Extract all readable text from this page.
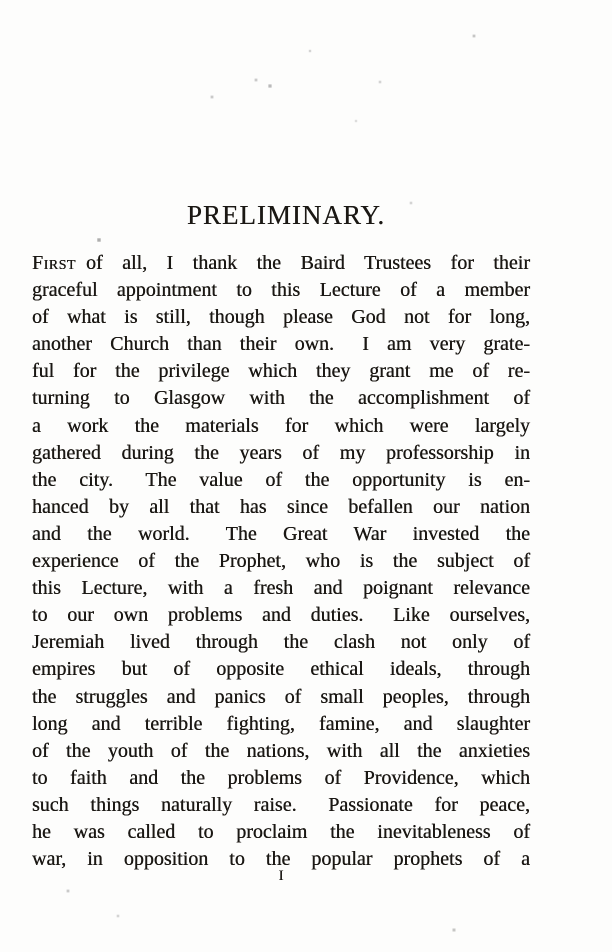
PRELIMINARY.
First  of all, I thank the Baird Trustees for their
graceful appointment to this Lecture of a member
of what is still, though please God not for long,
another Church than their own.  I am very grate-
ful for the privilege which they grant me of re-
turning to Glasgow with the accomplishment of
a work the materials for which were largely
gathered during the years of my professorship in
the city.  The value of the opportunity is en-
hanced by all that has since befallen our nation
and the world.  The Great War invested the
experience of the Prophet, who is the subject of
this Lecture, with a fresh and poignant relevance
to our own problems and duties.  Like ourselves,
Jeremiah lived through the clash not only of
empires but of opposite ethical ideals, through
the struggles and panics of small peoples, through
long and terrible fighting, famine, and slaughter
of the youth of the nations, with all the anxieties
to faith and the problems of Providence, which
such things naturally raise.  Passionate for peace,
he was called to proclaim the inevitableness of
war, in opposition to the popular prophets of a
I
